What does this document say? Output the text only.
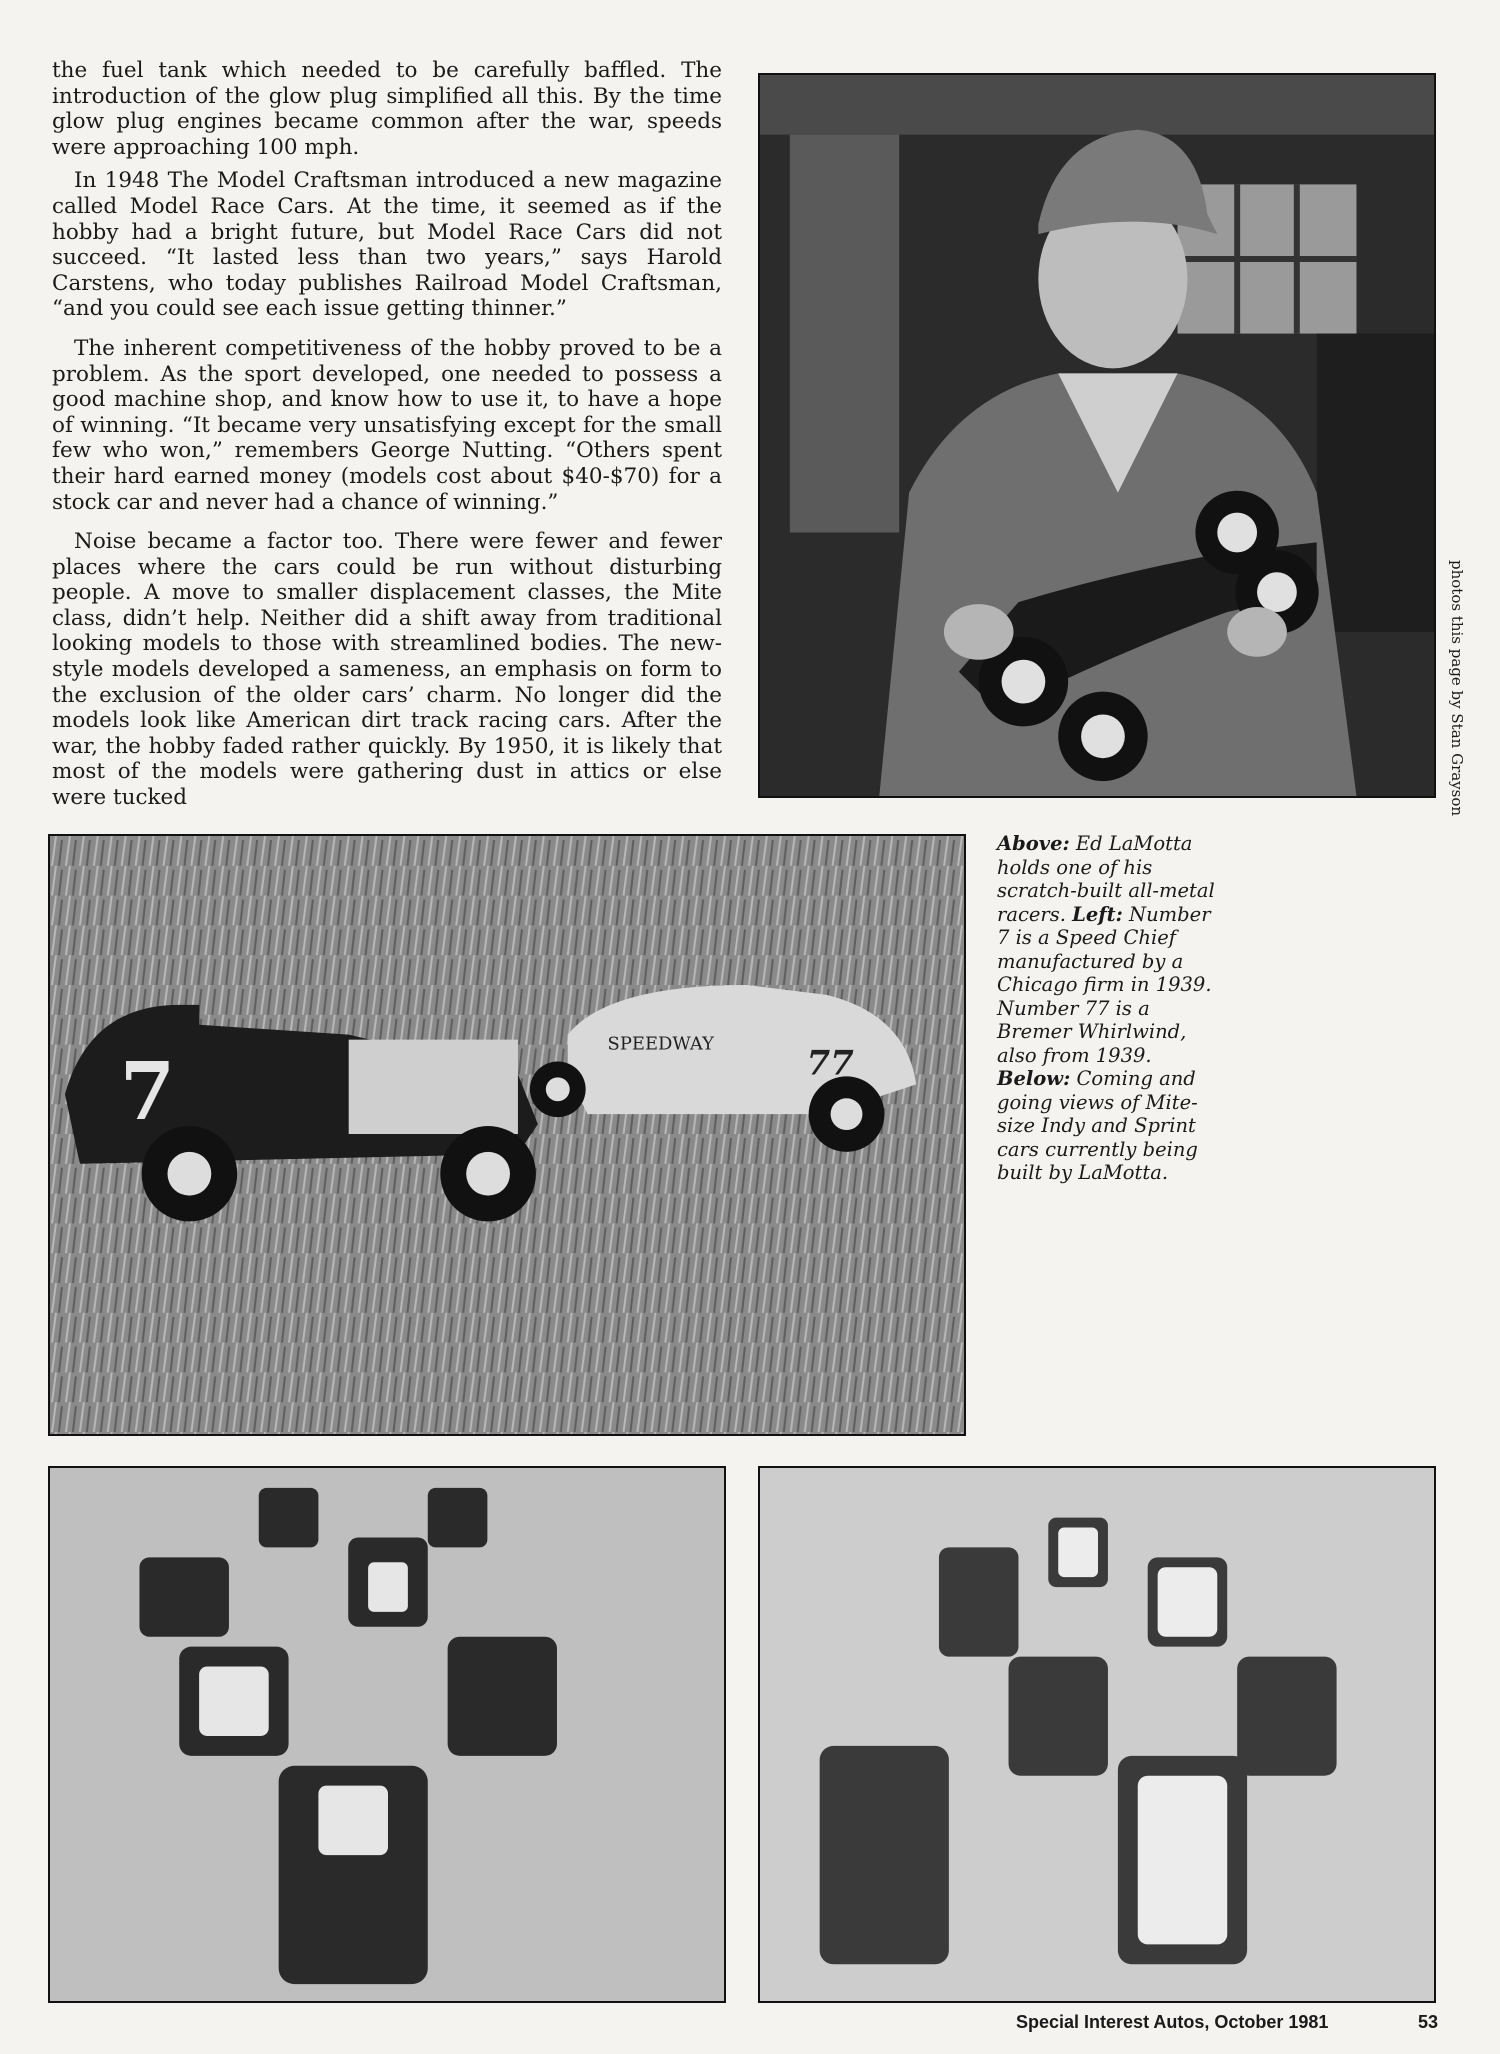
the fuel tank which needed to be carefully baffled. The introduction of the glow plug simplified all this. By the time glow plug engines became common after the war, speeds were approaching 100 mph.

In 1948 The Model Craftsman introduced a new magazine called Model Race Cars. At the time, it seemed as if the hobby had a bright future, but Model Race Cars did not succeed. “It lasted less than two years,” says Harold Carstens, who today publishes Railroad Model Craftsman, “and you could see each issue getting thinner.”

The inherent competitiveness of the hobby proved to be a problem. As the sport developed, one needed to possess a good machine shop, and know how to use it, to have a hope of winning. “It became very unsatisfying except for the small few who won,” remembers George Nutting. “Others spent their hard earned money (models cost about $40-$70) for a stock car and never had a chance of winning.”

Noise became a factor too. There were fewer and fewer places where the cars could be run without disturbing people. A move to smaller displacement classes, the Mite class, didn’t help. Neither did a shift away from traditional looking models to those with streamlined bodies. The new-style models developed a sameness, an emphasis on form to the exclusion of the older cars’ charm. No longer did the models look like American dirt track racing cars. After the war, the hobby faded rather quickly. By 1950, it is likely that most of the models were gathering dust in attics or else were tucked	photos this page by Stan Grayson
7
SPEEDWAY	77
Above: Ed LaMotta holds one of his scratch-built all-metal racers. Left: Number 7 is a Speed Chief manufactured by a Chicago firm in 1939. Number 77 is a Bremer Whirlwind, also from 1939. Below: Coming and going views of Mite-size Indy and Sprint cars currently being built by LaMotta.
Special Interest Autos, October 1981	53
